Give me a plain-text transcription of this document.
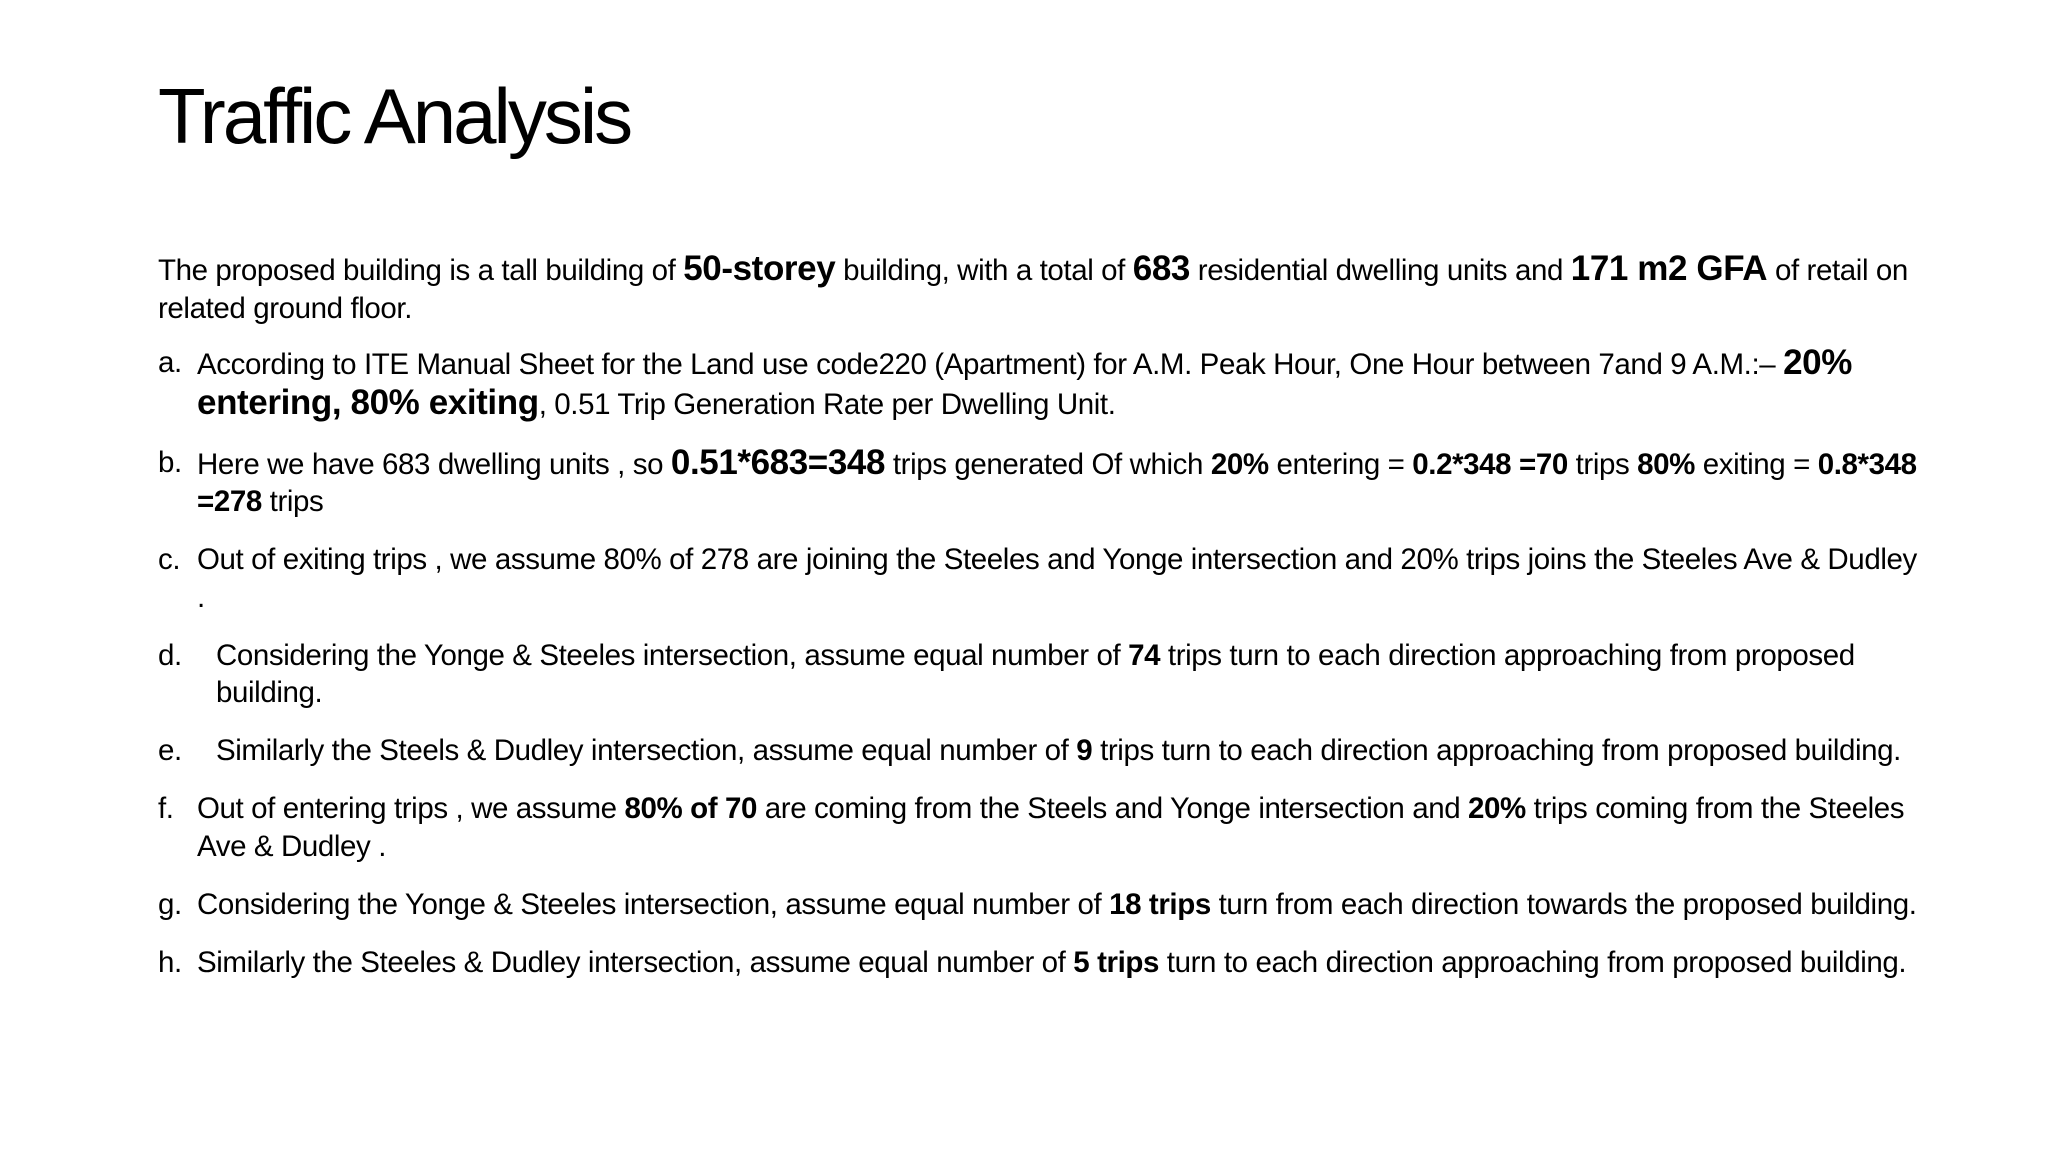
Traffic Analysis

The proposed building is a tall building of 50-storey building, with a total of 683 residential dwelling units and 171 m2 GFA of retail on related ground floor.

a. According to ITE Manual Sheet for the Land use code220 (Apartment) for A.M. Peak Hour, One Hour between 7and 9 A.M.:– 20% entering, 80% exiting, 0.51 Trip Generation Rate per Dwelling Unit.
b. Here we have 683 dwelling units , so 0.51*683=348 trips generated Of which 20% entering = 0.2*348 =70 trips 80% exiting = 0.8*348 =278 trips
c. Out of exiting trips , we assume 80% of 278 are joining the Steeles and Yonge intersection and 20% trips joins the Steeles Ave & Dudley .
d.	Considering the Yonge & Steeles intersection, assume equal number of 74 trips turn to each direction approaching from proposed building.
e.	Similarly the Steels & Dudley intersection, assume equal number of 9 trips turn to each direction approaching from proposed building.
f. Out of entering trips , we assume 80% of 70 are coming from the Steels and Yonge intersection and 20% trips coming from the Steeles Ave & Dudley .
g. Considering the Yonge & Steeles intersection, assume equal number of 18 trips turn from each direction towards the proposed building.
h. Similarly the Steeles & Dudley intersection, assume equal number of 5 trips turn to each direction approaching from proposed building.
